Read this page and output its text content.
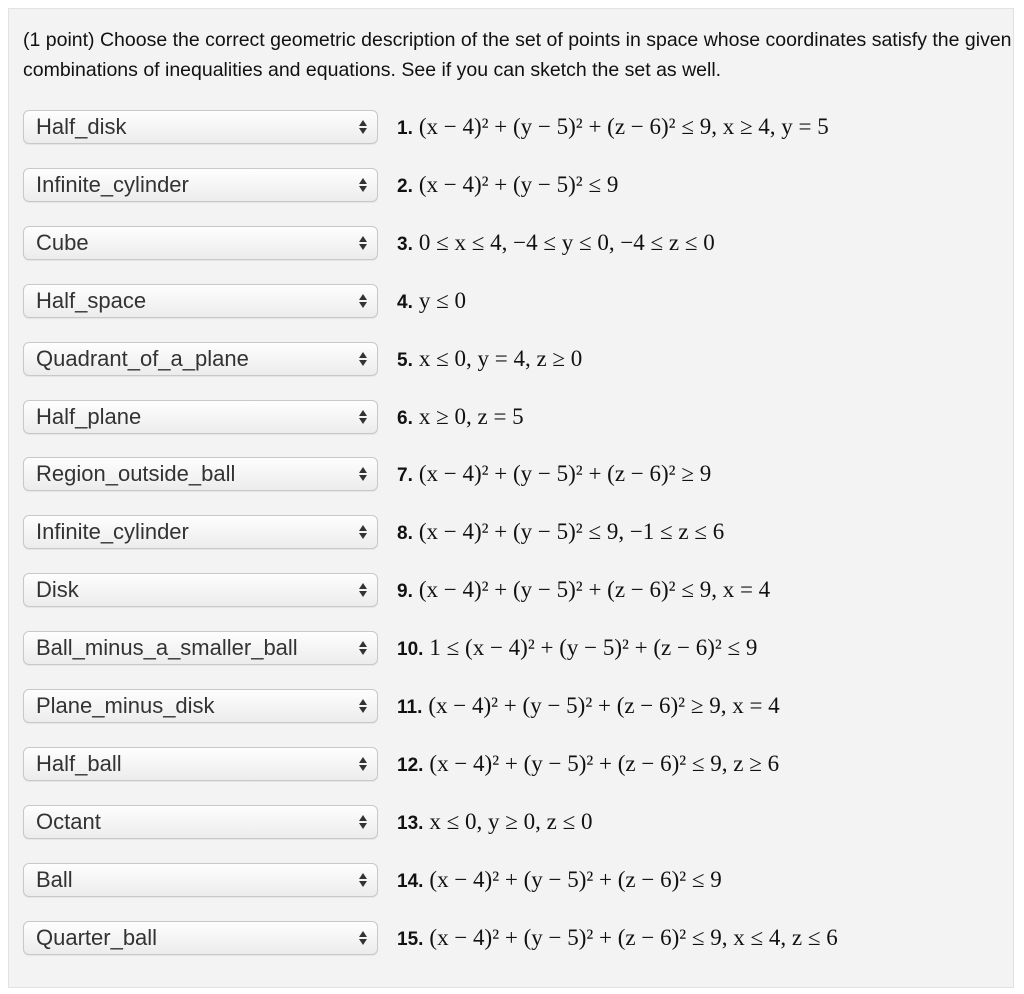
(1 point) Choose the correct geometric description of the set of points in space whose coordinates satisfy the given combinations of inequalities and equations. See if you can sketch the set as well.
Half_disk	1. (x − 4)² + (y − 5)² + (z − 6)² ≤ 9, x ≥ 4, y = 5
Infinite_cylinder	2. (x − 4)² + (y − 5)² ≤ 9
Cube	3. 0 ≤ x ≤ 4, −4 ≤ y ≤ 0, −4 ≤ z ≤ 0
Half_space	4. y ≤ 0
Quadrant_of_a_plane	5. x ≤ 0, y = 4, z ≥ 0
Half_plane	6. x ≥ 0, z = 5
Region_outside_ball	7. (x − 4)² + (y − 5)² + (z − 6)² ≥ 9
Infinite_cylinder	8. (x − 4)² + (y − 5)² ≤ 9, −1 ≤ z ≤ 6
Disk	9. (x − 4)² + (y − 5)² + (z − 6)² ≤ 9, x = 4
Ball_minus_a_smaller_ball	10. 1 ≤ (x − 4)² + (y − 5)² + (z − 6)² ≤ 9
Plane_minus_disk	11. (x − 4)² + (y − 5)² + (z − 6)² ≥ 9, x = 4
Half_ball	12. (x − 4)² + (y − 5)² + (z − 6)² ≤ 9, z ≥ 6
Octant	13. x ≤ 0, y ≥ 0, z ≤ 0
Ball	14. (x − 4)² + (y − 5)² + (z − 6)² ≤ 9
Quarter_ball	15. (x − 4)² + (y − 5)² + (z − 6)² ≤ 9, x ≤ 4, z ≤ 6
